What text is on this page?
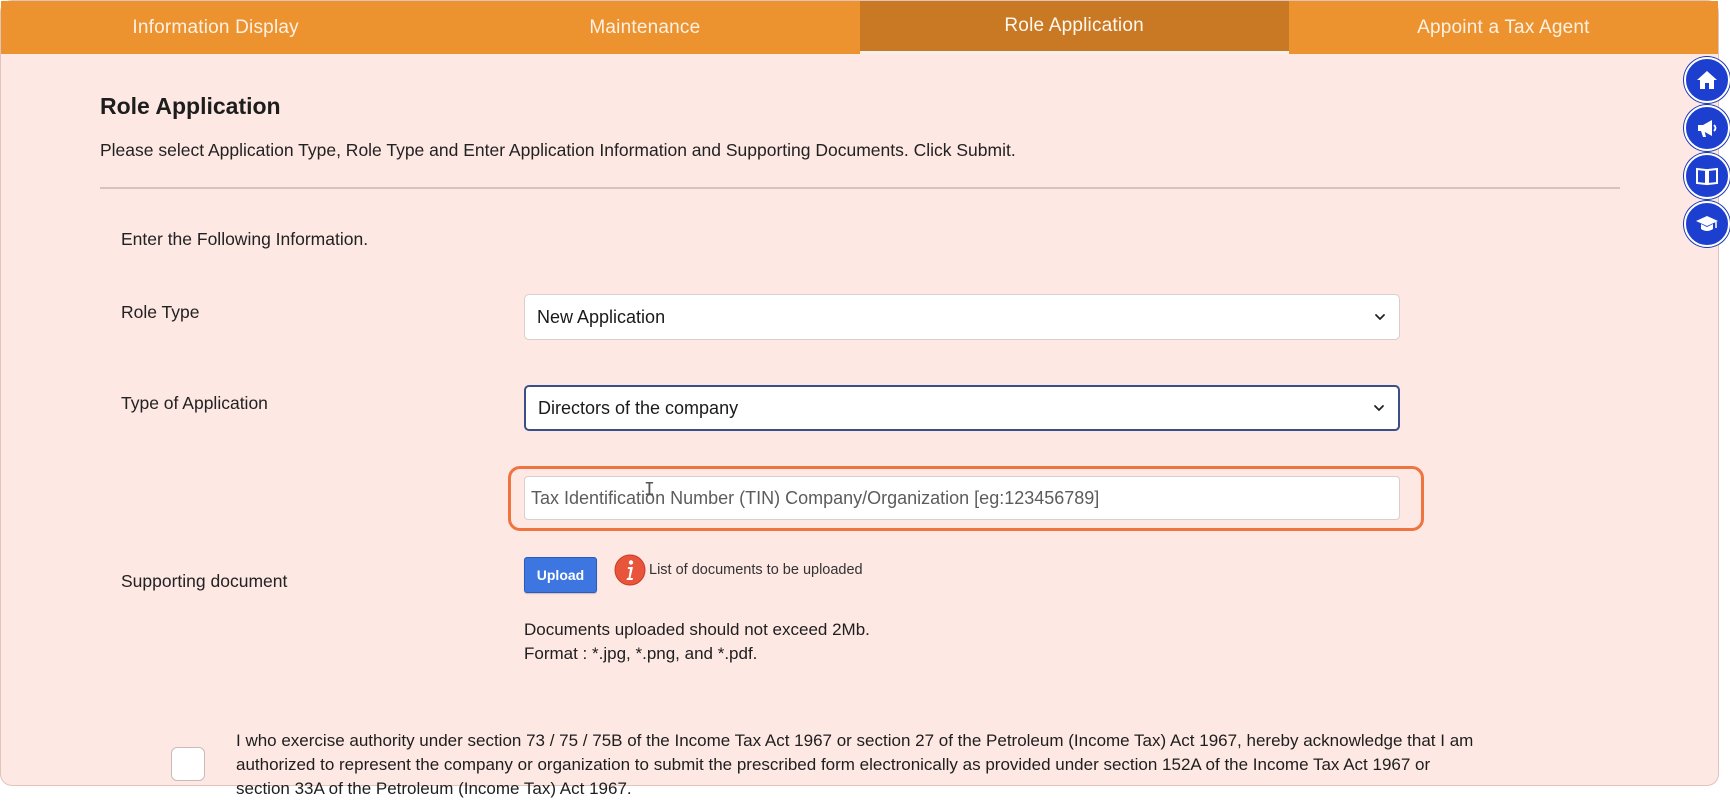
Information Display	Maintenance	Role Application	Appoint a Tax Agent
Role Application
Please select Application Type, Role Type and Enter Application Information and Supporting Documents. Click Submit.
Enter the Following Information.
Role Type	New Application
Type of Application	Directors of the company
Tax Identification Number (TIN) Company/Organization [eg:123456789]
I
Supporting document	Upload	List of documents to be uploaded
Documents uploaded should not exceed 2Mb.
Format : *.jpg, *.png, and *.pdf.
I who exercise authority under section 73 / 75 / 75B of the Income Tax Act 1967 or section 27 of the Petroleum (Income Tax) Act 1967, hereby acknowledge that I am authorized to represent the company or organization to submit the prescribed form electronically as provided under section 152A of the Income Tax Act 1967 or section 33A of the Petroleum (Income Tax) Act 1967.
